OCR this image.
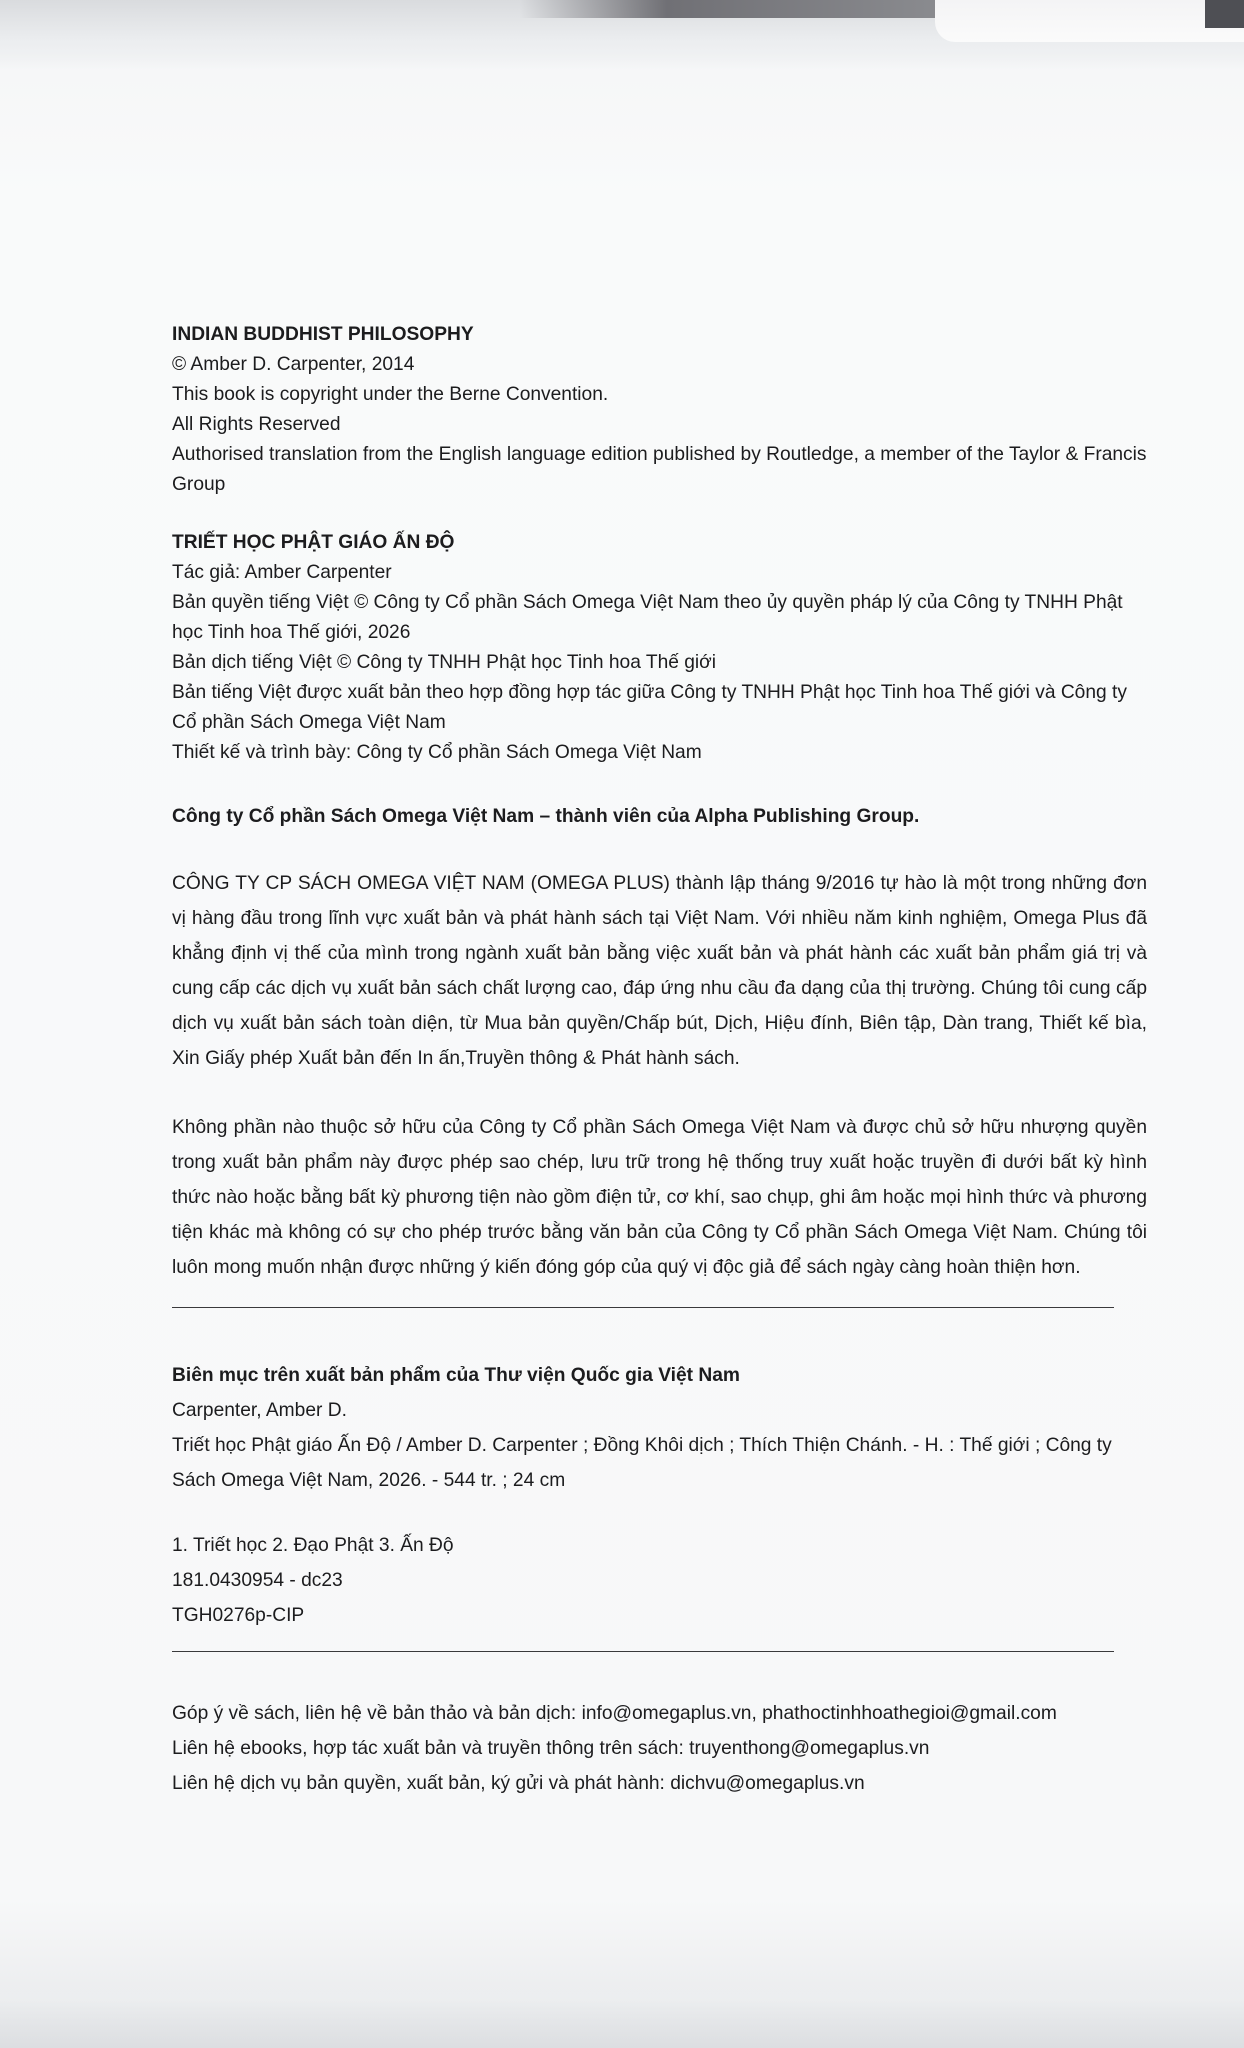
INDIAN BUDDHIST PHILOSOPHY

© Amber D. Carpenter, 2014

This book is copyright under the Berne Convention.

All Rights Reserved

Authorised translation from the English language edition published by Routledge, a member of the Taylor & Francis Group

TRIẾT HỌC PHẬT GIÁO ẤN ĐỘ

Tác giả: Amber Carpenter

Bản quyền tiếng Việt © Công ty Cổ phần Sách Omega Việt Nam theo ủy quyền pháp lý của Công ty TNHH Phật học Tinh hoa Thế giới, 2026

Bản dịch tiếng Việt © Công ty TNHH Phật học Tinh hoa Thế giới

Bản tiếng Việt được xuất bản theo hợp đồng hợp tác giữa Công ty TNHH Phật học Tinh hoa Thế giới và Công ty Cổ phần Sách Omega Việt Nam

Thiết kế và trình bày: Công ty Cổ phần Sách Omega Việt Nam

Công ty Cổ phần Sách Omega Việt Nam – thành viên của Alpha Publishing Group.

CÔNG TY CP SÁCH OMEGA VIỆT NAM (OMEGA PLUS) thành lập tháng 9/2016 tự hào là một trong những đơn vị hàng đầu trong lĩnh vực xuất bản và phát hành sách tại Việt Nam. Với nhiều năm kinh nghiệm, Omega Plus đã khẳng định vị thế của mình trong ngành xuất bản bằng việc xuất bản và phát hành các xuất bản phẩm giá trị và cung cấp các dịch vụ xuất bản sách chất lượng cao, đáp ứng nhu cầu đa dạng của thị trường. Chúng tôi cung cấp dịch vụ xuất bản sách toàn diện, từ Mua bản quyền/Chấp bút, Dịch, Hiệu đính, Biên tập, Dàn trang, Thiết kế bìa, Xin Giấy phép Xuất bản đến In ấn,Truyền thông & Phát hành sách.

Không phần nào thuộc sở hữu của Công ty Cổ phần Sách Omega Việt Nam và được chủ sở hữu nhượng quyền trong xuất bản phẩm này được phép sao chép, lưu trữ trong hệ thống truy xuất hoặc truyền đi dưới bất kỳ hình thức nào hoặc bằng bất kỳ phương tiện nào gồm điện tử, cơ khí, sao chụp, ghi âm hoặc mọi hình thức và phương tiện khác mà không có sự cho phép trước bằng văn bản của Công ty Cổ phần Sách Omega Việt Nam. Chúng tôi luôn mong muốn nhận được những ý kiến đóng góp của quý vị độc giả để sách ngày càng hoàn thiện hơn.

Biên mục trên xuất bản phẩm của Thư viện Quốc gia Việt Nam

Carpenter, Amber D.

Triết học Phật giáo Ấn Độ / Amber D. Carpenter ; Đồng Khôi dịch ; Thích Thiện Chánh. - H. : Thế giới ; Công ty Sách Omega Việt Nam, 2026. - 544 tr. ; 24 cm

1. Triết học 2. Đạo Phật 3. Ấn Độ

181.0430954 - dc23

TGH0276p-CIP

Góp ý về sách, liên hệ về bản thảo và bản dịch: info@omegaplus.vn, phathoctinhhoathegioi@gmail.com

Liên hệ ebooks, hợp tác xuất bản và truyền thông trên sách: truyenthong@omegaplus.vn

Liên hệ dịch vụ bản quyền, xuất bản, ký gửi và phát hành: dichvu@omegaplus.vn
